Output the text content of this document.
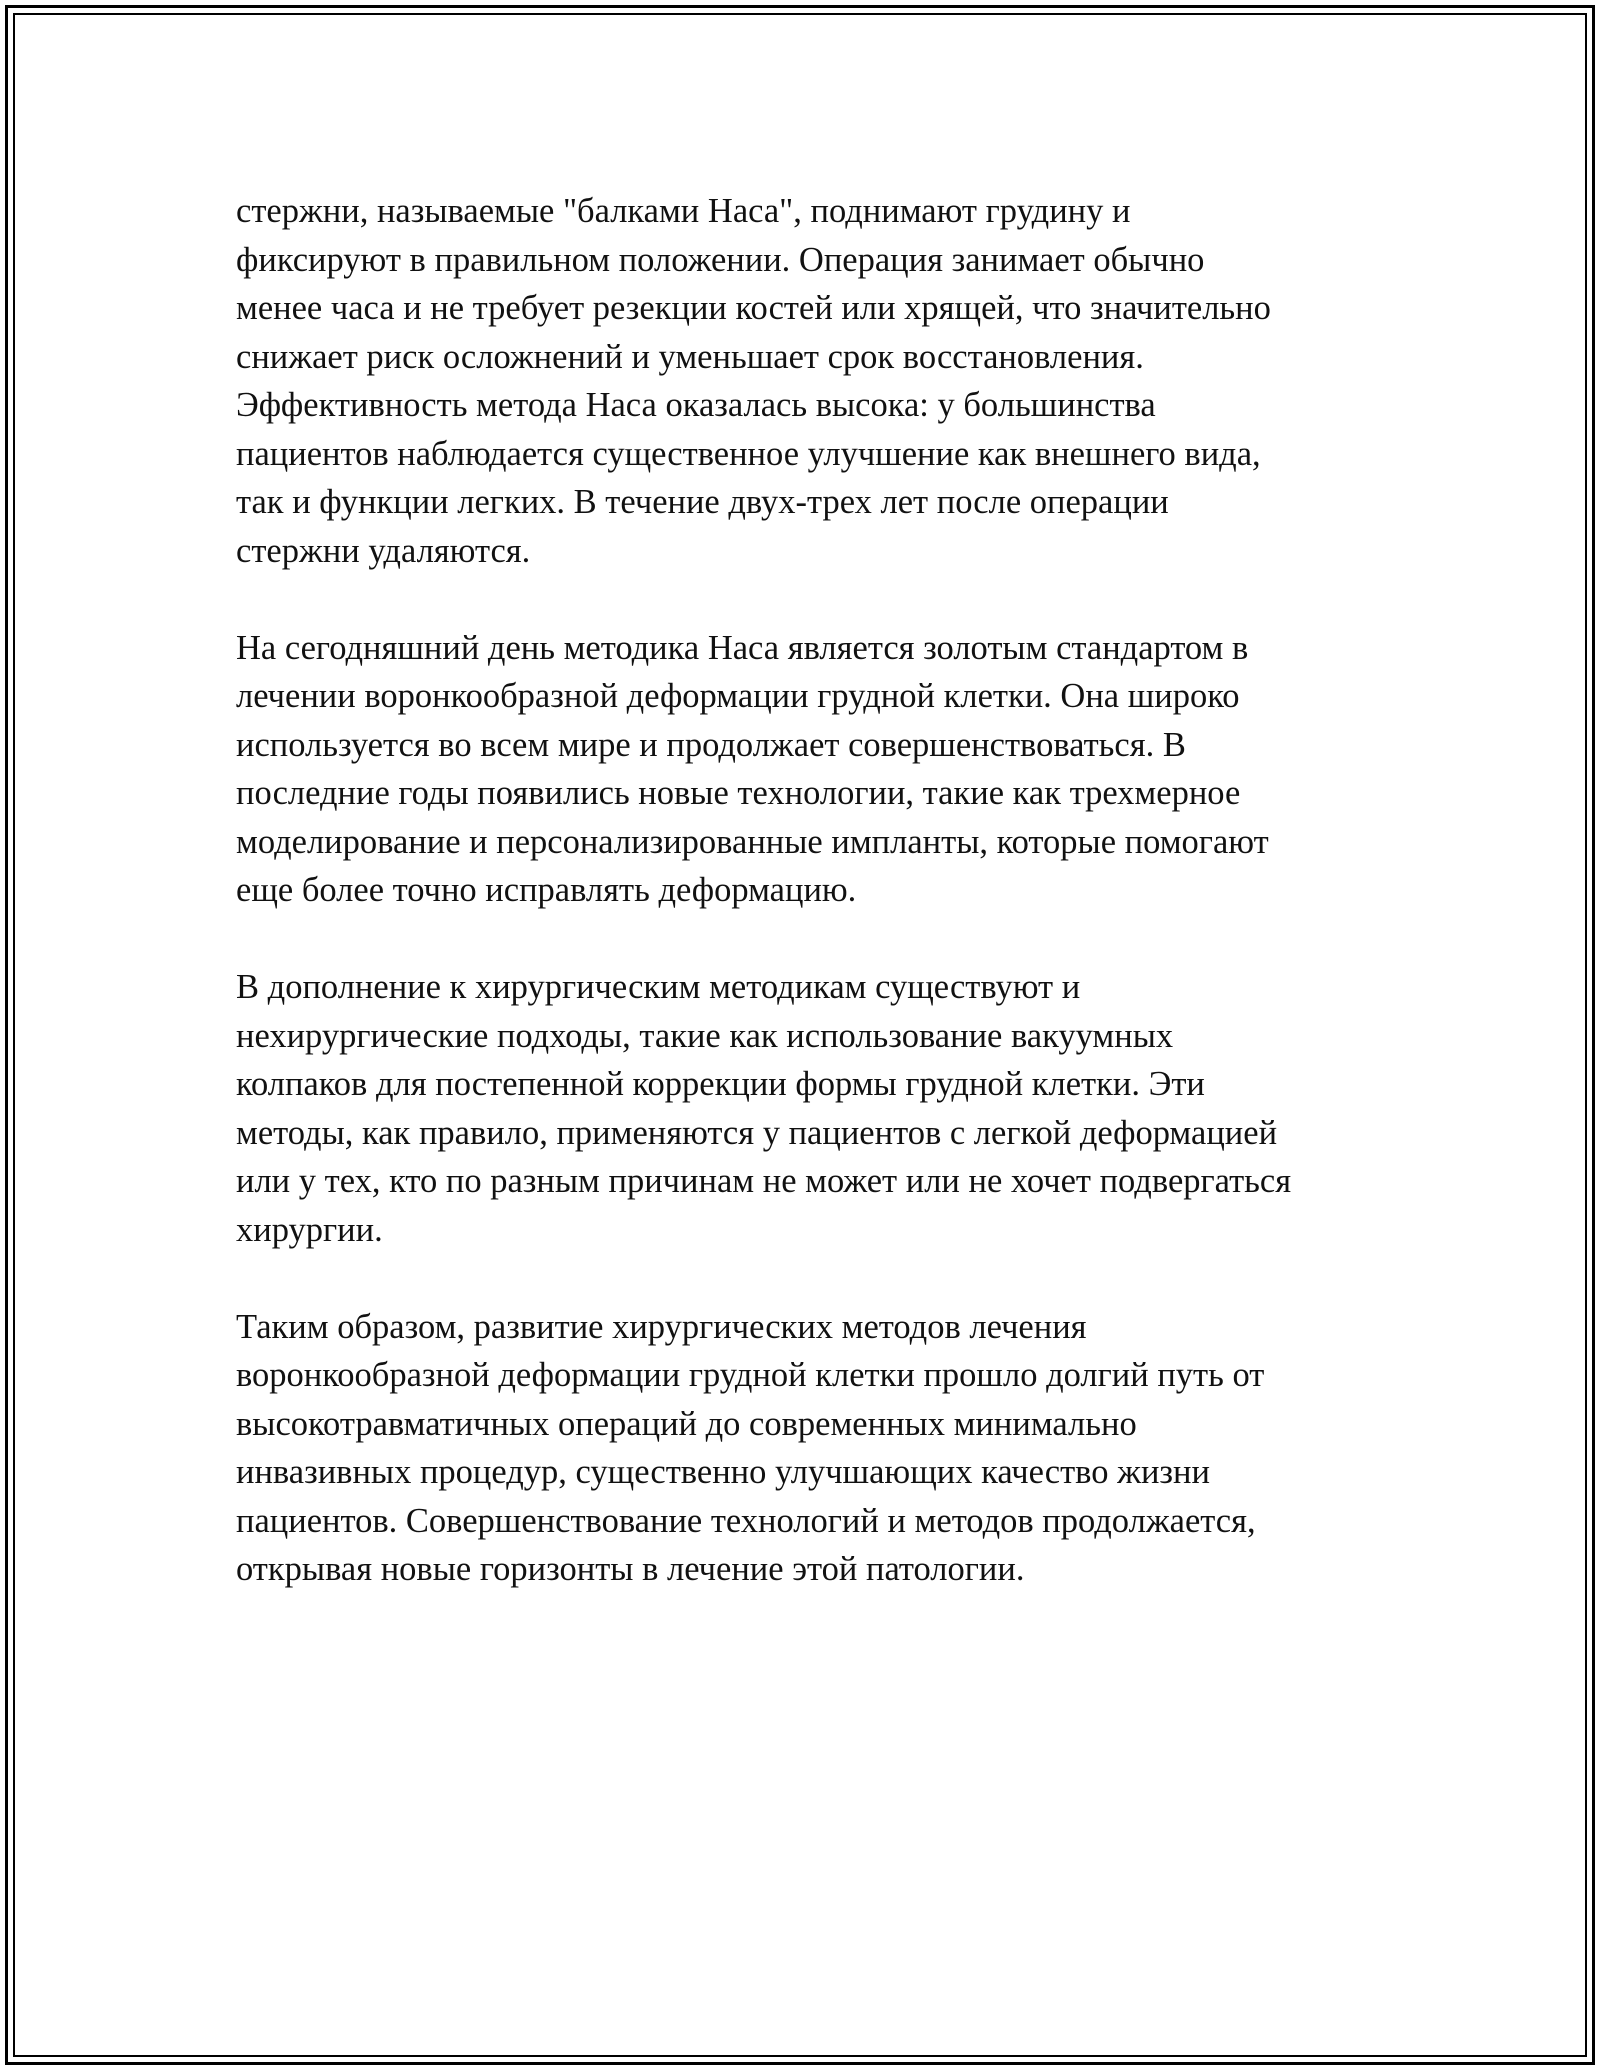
стержни, называемые "балками Наса", поднимают грудину и
фиксируют в правильном положении. Операция занимает обычно
менее часа и не требует резекции костей или хрящей, что значительно
снижает риск осложнений и уменьшает срок восстановления.
Эффективность метода Наса оказалась высока: у большинства
пациентов наблюдается существенное улучшение как внешнего вида,
так и функции легких. В течение двух-трех лет после операции
стержни удаляются.
На сегодняшний день методика Наса является золотым стандартом в
лечении воронкообразной деформации грудной клетки. Она широко
используется во всем мире и продолжает совершенствоваться. В
последние годы появились новые технологии, такие как трехмерное
моделирование и персонализированные импланты, которые помогают
еще более точно исправлять деформацию.
В дополнение к хирургическим методикам существуют и
нехирургические подходы, такие как использование вакуумных
колпаков для постепенной коррекции формы грудной клетки. Эти
методы, как правило, применяются у пациентов с легкой деформацией
или у тех, кто по разным причинам не может или не хочет подвергаться
хирургии.
Таким образом, развитие хирургических методов лечения
воронкообразной деформации грудной клетки прошло долгий путь от
высокотравматичных операций до современных минимально
инвазивных процедур, существенно улучшающих качество жизни
пациентов. Совершенствование технологий и методов продолжается,
открывая новые горизонты в лечение этой патологии.
